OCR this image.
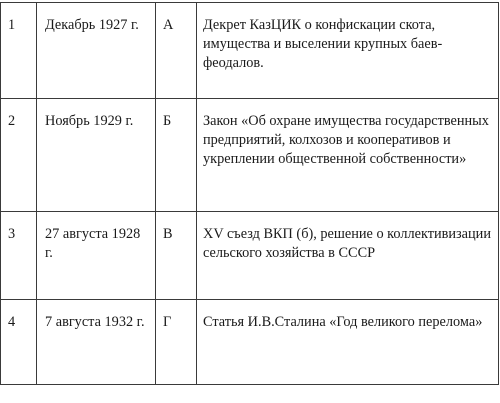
1	Декабрь 1927 г.	А	Декрет КазЦИК о конфискации скота, имущества и выселении крупных баев-феодалов.
2	Ноябрь 1929 г.	Б	Закон «Об охране имущества государственных предприятий, колхозов и кооперативов и укреплении общественной собственности»
3	27 августа 1928 г.	В	XV съезд ВКП (б), решение о коллективизации сельского хозяйства в СССР
4	7 августа 1932 г.	Г	Статья И.В.Сталина «Год великого перелома»
